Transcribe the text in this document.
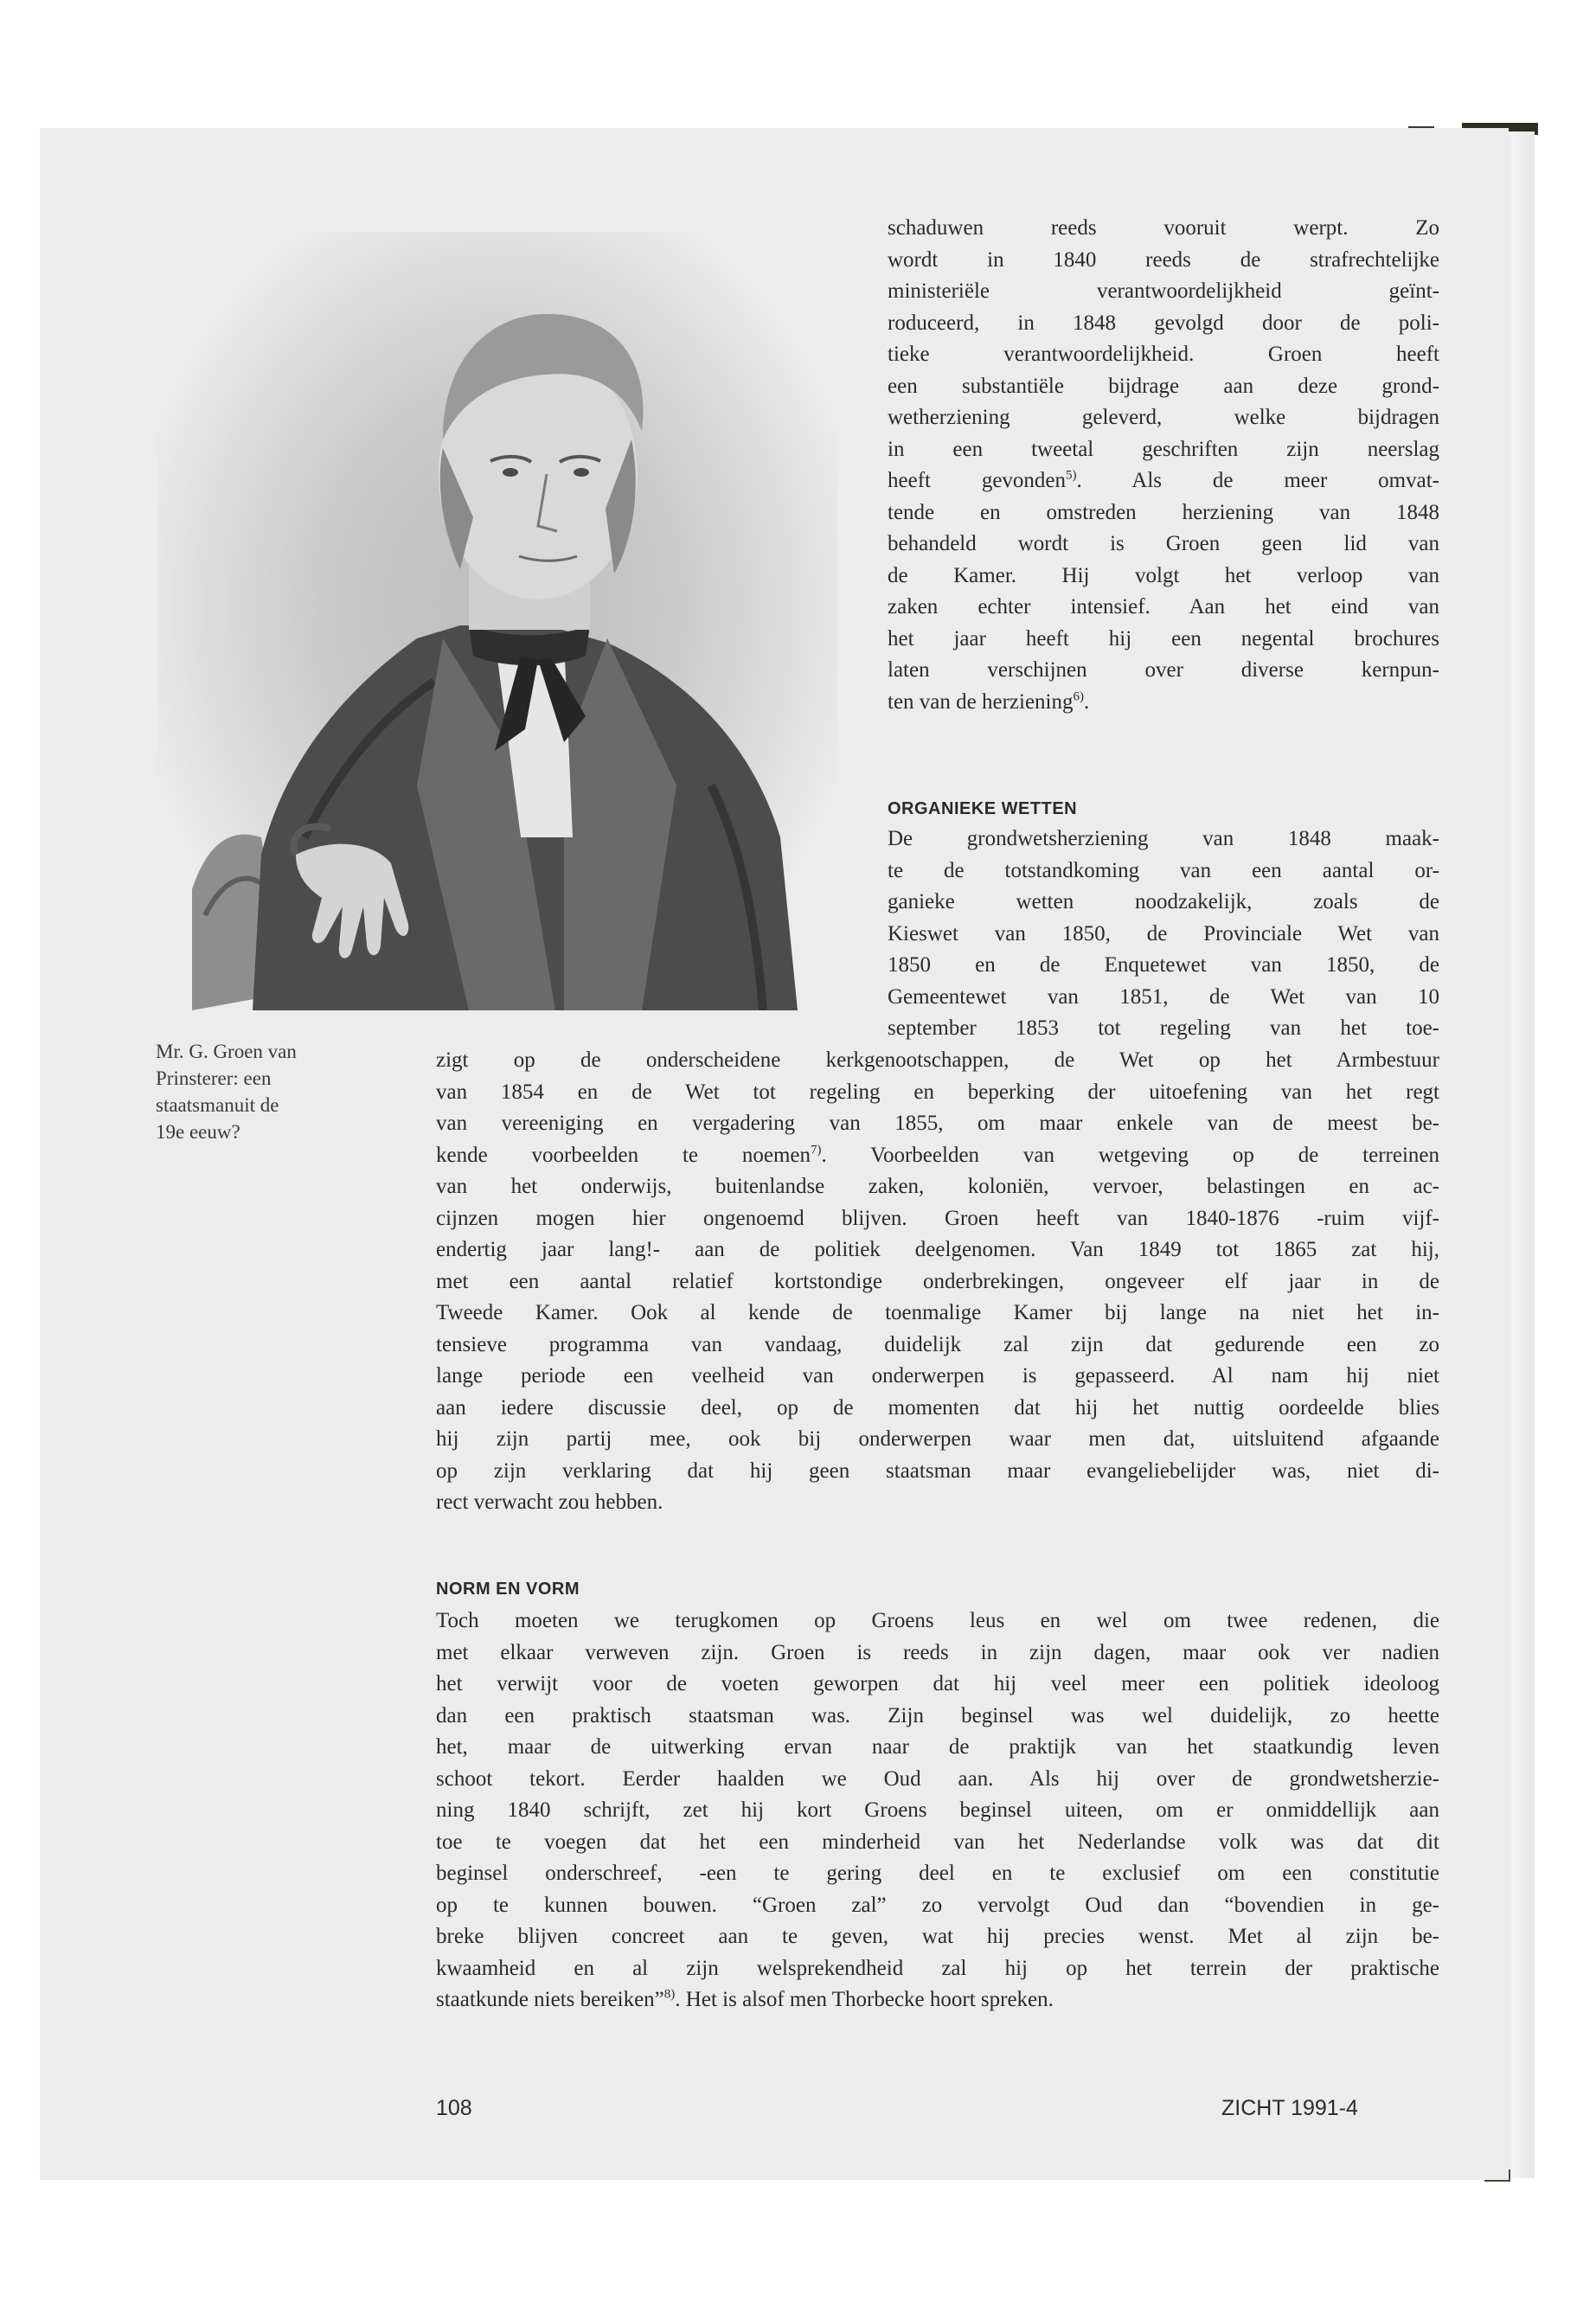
Mr. G. Groen van
Prinsterer: een
staatsmanuit de
19e eeuw?
schaduwen reeds vooruit werpt. Zo
wordt in 1840 reeds de strafrechtelijke
ministeriële verantwoordelijkheid geïnt-
roduceerd, in 1848 gevolgd door de poli-
tieke verantwoordelijkheid. Groen heeft
een substantiële bijdrage aan deze grond-
wetherziening geleverd, welke bijdragen
in een tweetal geschriften zijn neerslag
heeft gevonden$^{5)}$. Als de meer omvat-
tende en omstreden herziening van 1848
behandeld wordt is Groen geen lid van
de Kamer. Hij volgt het verloop van
zaken echter intensief. Aan het eind van
het jaar heeft hij een negental brochures
laten verschijnen over diverse kernpun-
ten van de herziening$^{6)}$.
De grondwetsherziening van 1848 maak-
te de totstandkoming van een aantal or-
ganieke wetten noodzakelijk, zoals de
Kieswet van 1850, de Provinciale Wet van
1850 en de Enquetewet van 1850, de
Gemeentewet van 1851, de Wet van 10
september 1853 tot regeling van het toe-
zigt op de onderscheidene kerkgenootschappen, de Wet op het Armbestuur
van 1854 en de Wet tot regeling en beperking der uitoefening van het regt
van vereeniging en vergadering van 1855, om maar enkele van de meest be-
kende voorbeelden te noemen$^{7)}$. Voorbeelden van wetgeving op de terreinen
van het onderwijs, buitenlandse zaken, koloniën, vervoer, belastingen en ac-
cijnzen mogen hier ongenoemd blijven. Groen heeft van 1840-1876 -ruim vijf-
endertig jaar lang!- aan de politiek deelgenomen. Van 1849 tot 1865 zat hij,
met een aantal relatief kortstondige onderbrekingen, ongeveer elf jaar in de
Tweede Kamer. Ook al kende de toenmalige Kamer bij lange na niet het in-
tensieve programma van vandaag, duidelijk zal zijn dat gedurende een zo
lange periode een veelheid van onderwerpen is gepasseerd. Al nam hij niet
aan iedere discussie deel, op de momenten dat hij het nuttig oordeelde blies
hij zijn partij mee, ook bij onderwerpen waar men dat, uitsluitend afgaande
op zijn verklaring dat hij geen staatsman maar evangeliebelijder was, niet di-
rect verwacht zou hebben.
Toch moeten we terugkomen op Groens leus en wel om twee redenen, die
met elkaar verweven zijn. Groen is reeds in zijn dagen, maar ook ver nadien
het verwijt voor de voeten geworpen dat hij veel meer een politiek ideoloog
dan een praktisch staatsman was. Zijn beginsel was wel duidelijk, zo heette
het, maar de uitwerking ervan naar de praktijk van het staatkundig leven
schoot tekort. Eerder haalden we Oud aan. Als hij over de grondwetsherzie-
ning 1840 schrijft, zet hij kort Groens beginsel uiteen, om er onmiddellijk aan
toe te voegen dat het een minderheid van het Nederlandse volk was dat dit
beginsel onderschreef, -een te gering deel en te exclusief om een constitutie
op te kunnen bouwen. “Groen zal” zo vervolgt Oud dan “bovendien in ge-
breke blijven concreet aan te geven, wat hij precies wenst. Met al zijn be-
kwaamheid en al zijn welsprekendheid zal hij op het terrein der praktische
staatkunde niets bereiken”$^{8)}$. Het is alsof men Thorbecke hoort spreken.
ORGANIEKE WETTEN
NORM EN VORM
108	ZICHT 1991-4
